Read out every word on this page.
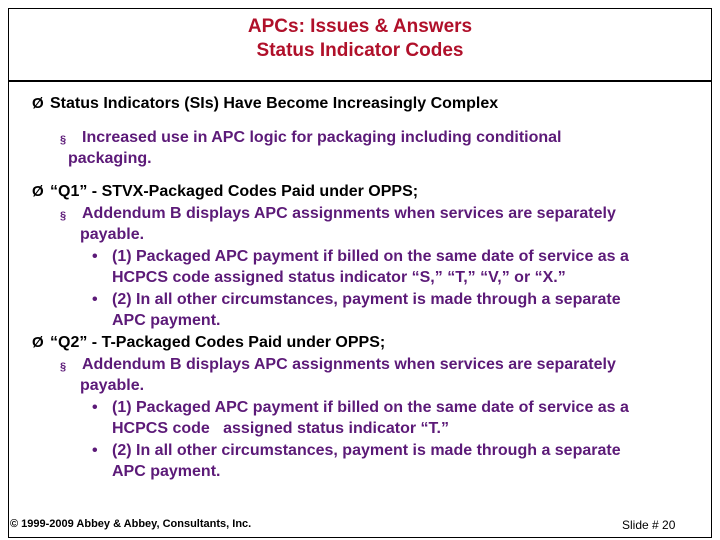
APCs: Issues & Answers
Status Indicator Codes
Ø Status Indicators (SIs) Have Become Increasingly Complex
§ Increased use in APC logic for packaging including conditional
packaging.
Ø “Q1” - STVX-Packaged Codes Paid under OPPS;
§ Addendum B displays APC assignments when services are separately
payable.
• (1) Packaged APC payment if billed on the same date of service as a
HCPCS code assigned status indicator “S,” “T,” “V,” or “X.”
• (2) In all other circumstances, payment is made through a separate
APC payment.
Ø “Q2” - T-Packaged Codes Paid under OPPS;
§ Addendum B displays APC assignments when services are separately
payable.
• (1) Packaged APC payment if billed on the same date of service as a
HCPCS code   assigned status indicator “T.”
• (2) In all other circumstances, payment is made through a separate
APC payment.
© 1999-2009 Abbey & Abbey, Consultants, Inc.	Slide # 20
